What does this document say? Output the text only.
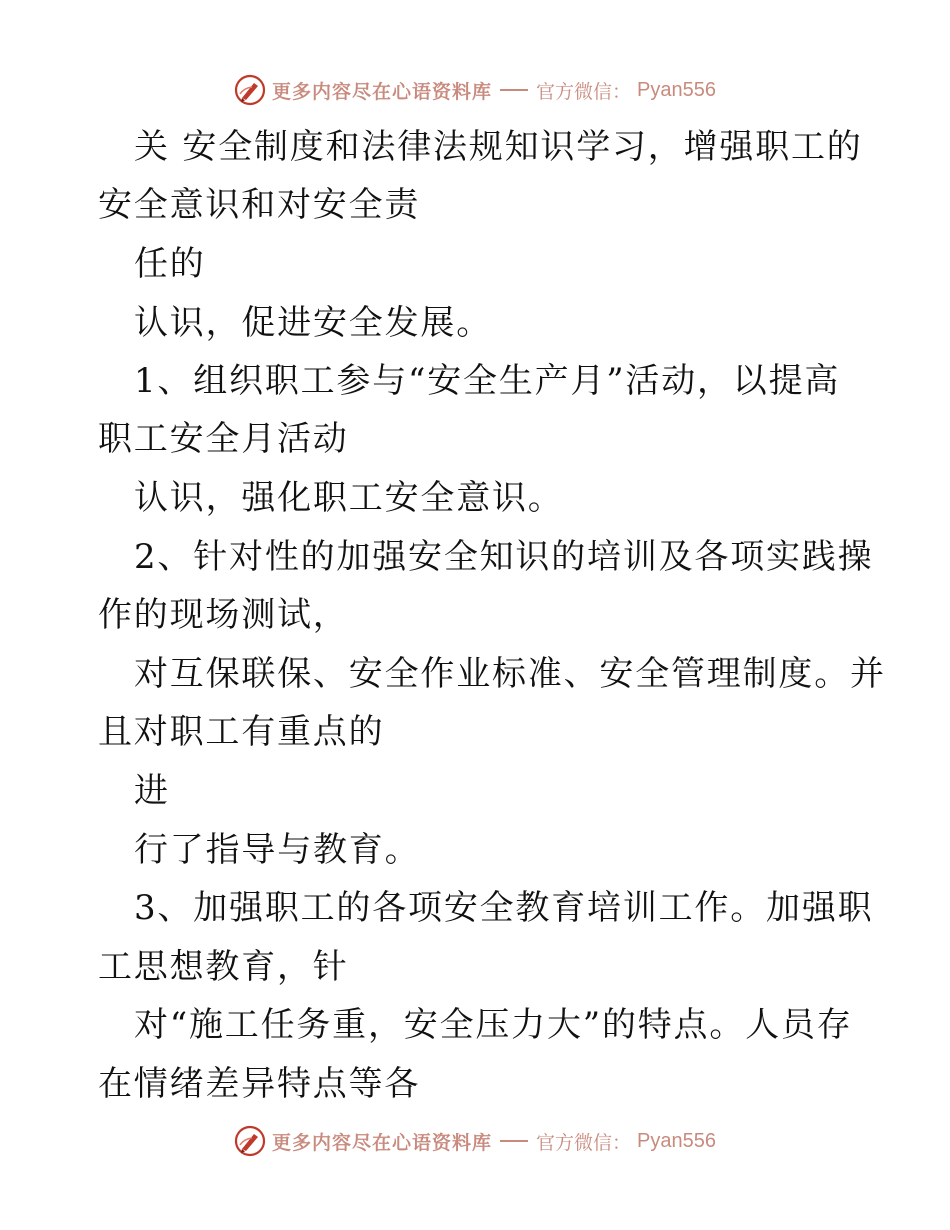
更多内容尽在心语资料库 官方微信： Pyan556
关 安全制度和法律法规知识学习，增强职工的
安全意识和对安全责
任的
认识，促进安全发展。
1、组织职工参与“安全生产月”活动，以提高
职工安全月活动
认识，强化职工安全意识。
2、针对性的加强安全知识的培训及各项实践操
作的现场测试，
对互保联保、安全作业标准、安全管理制度。并
且对职工有重点的
进
行了指导与教育。
3、加强职工的各项安全教育培训工作。加强职
工思想教育，针
对“施工任务重，安全压力大”的特点。人员存
在情绪差异特点等各
更多内容尽在心语资料库 官方微信： Pyan556
